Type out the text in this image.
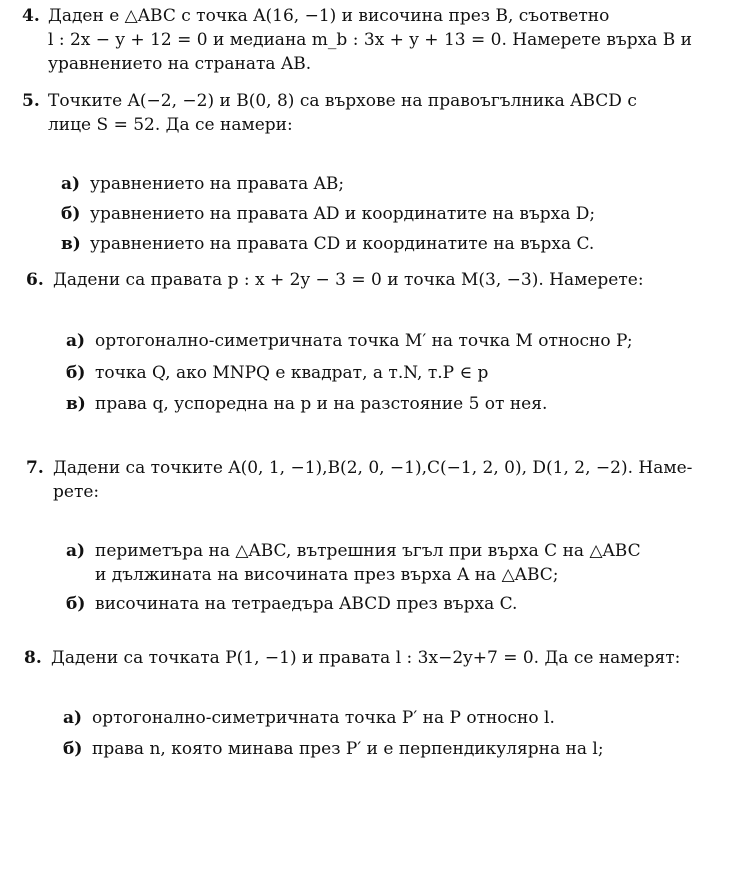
4. Даден е △ABC с точка A(16, −1) и височина през B, съответно
l : 2x − y + 12 = 0 и медиана m_b : 3x + y + 13 = 0. Намерете върха B и
уравнението на страната AB.
5. Точките A(−2, −2) и B(0, 8) са върхове на правоъгълника ABCD с
лице S = 52. Да се намери:
а) уравнението на правата AB;
б) уравнението на правата AD и координатите на върха D;
в) уравнението на правата CD и координатите на върха C.
6. Дадени са правата p : x + 2y − 3 = 0 и точка M(3, −3). Намерете:
а) ортогонално-симетричната точка M′ на точка M относно P;
б) точка Q, ако MNPQ е квадрат, а т.N, т.P ∈ p
в) права q, успоредна на p и на разстояние 5 от нея.
7. Дадени са точките A(0, 1, −1),B(2, 0, −1),C(−1, 2, 0), D(1, 2, −2). Наме-
рете:
а) периметъра на △ABC, вътрешния ъгъл при върха C на △ABC
и дължината на височината през върха A на △ABC;
б) височината на тетраедъра ABCD през върха C.
8. Дадени са точката P(1, −1) и правата l : 3x−2y+7 = 0. Да се намерят:
а) ортогонално-симетричната точка P′ на P относно l.
б) права n, която минава през P′ и е перпендикулярна на l;
